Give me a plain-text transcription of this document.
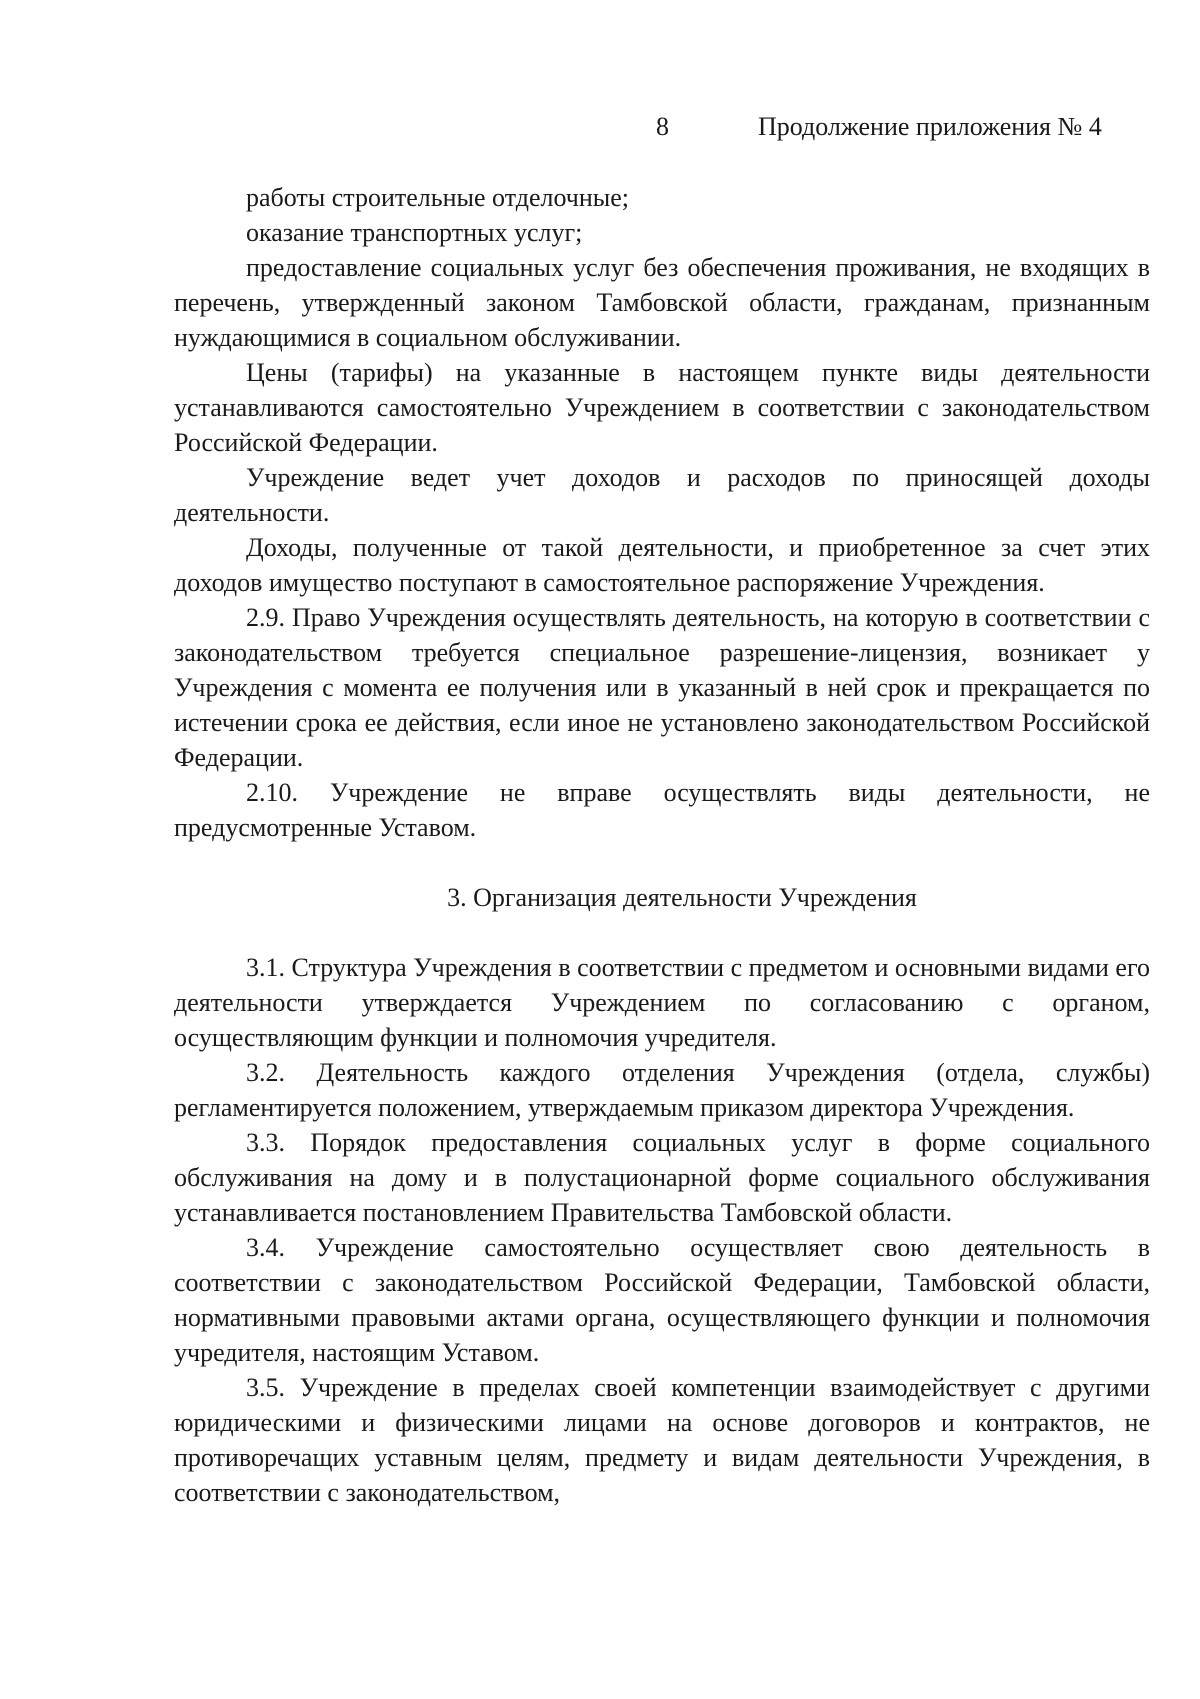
8	Продолжение приложения № 4

работы строительные отделочные;

оказание транспортных услуг;

предоставление социальных услуг без обеспечения проживания, не входящих в перечень, утвержденный законом Тамбовской области, гражданам, признанным нуждающимися в социальном обслуживании.

Цены (тарифы) на указанные в настоящем пункте виды деятельности устанавливаются самостоятельно Учреждением в соответствии с законодательством Российской Федерации.

Учреждение ведет учет доходов и расходов по приносящей доходы деятельности.

Доходы, полученные от такой деятельности, и приобретенное за счет этих доходов имущество поступают в самостоятельное распоряжение Учреждения.

2.9. Право Учреждения осуществлять деятельность, на которую в соответствии с законодательством требуется специальное разрешение-лицензия, возникает у Учреждения с момента ее получения или в указанный в ней срок и прекращается по истечении срока ее действия, если иное не установлено законодательством Российской Федерации.

2.10. Учреждение не вправе осуществлять виды деятельности, не предусмотренные Уставом.

3. Организация деятельности Учреждения

3.1. Структура Учреждения в соответствии с предметом и основными видами его деятельности утверждается Учреждением по согласованию с органом, осуществляющим функции и полномочия учредителя.

3.2. Деятельность каждого отделения Учреждения (отдела, службы) регламентируется положением, утверждаемым приказом директора Учреждения.

3.3. Порядок предоставления социальных услуг в форме социального обслуживания на дому и в полустационарной форме социального обслуживания устанавливается постановлением Правительства Тамбовской области.

3.4. Учреждение самостоятельно осуществляет свою деятельность в соответствии с законодательством Российской Федерации, Тамбовской области, нормативными правовыми актами органа, осуществляющего функции и полномочия учредителя, настоящим Уставом.

3.5. Учреждение в пределах своей компетенции взаимодействует с другими юридическими и физическими лицами на основе договоров и контрактов, не противоречащих уставным целям, предмету и видам деятельности Учреждения, в соответствии с законодательством,
